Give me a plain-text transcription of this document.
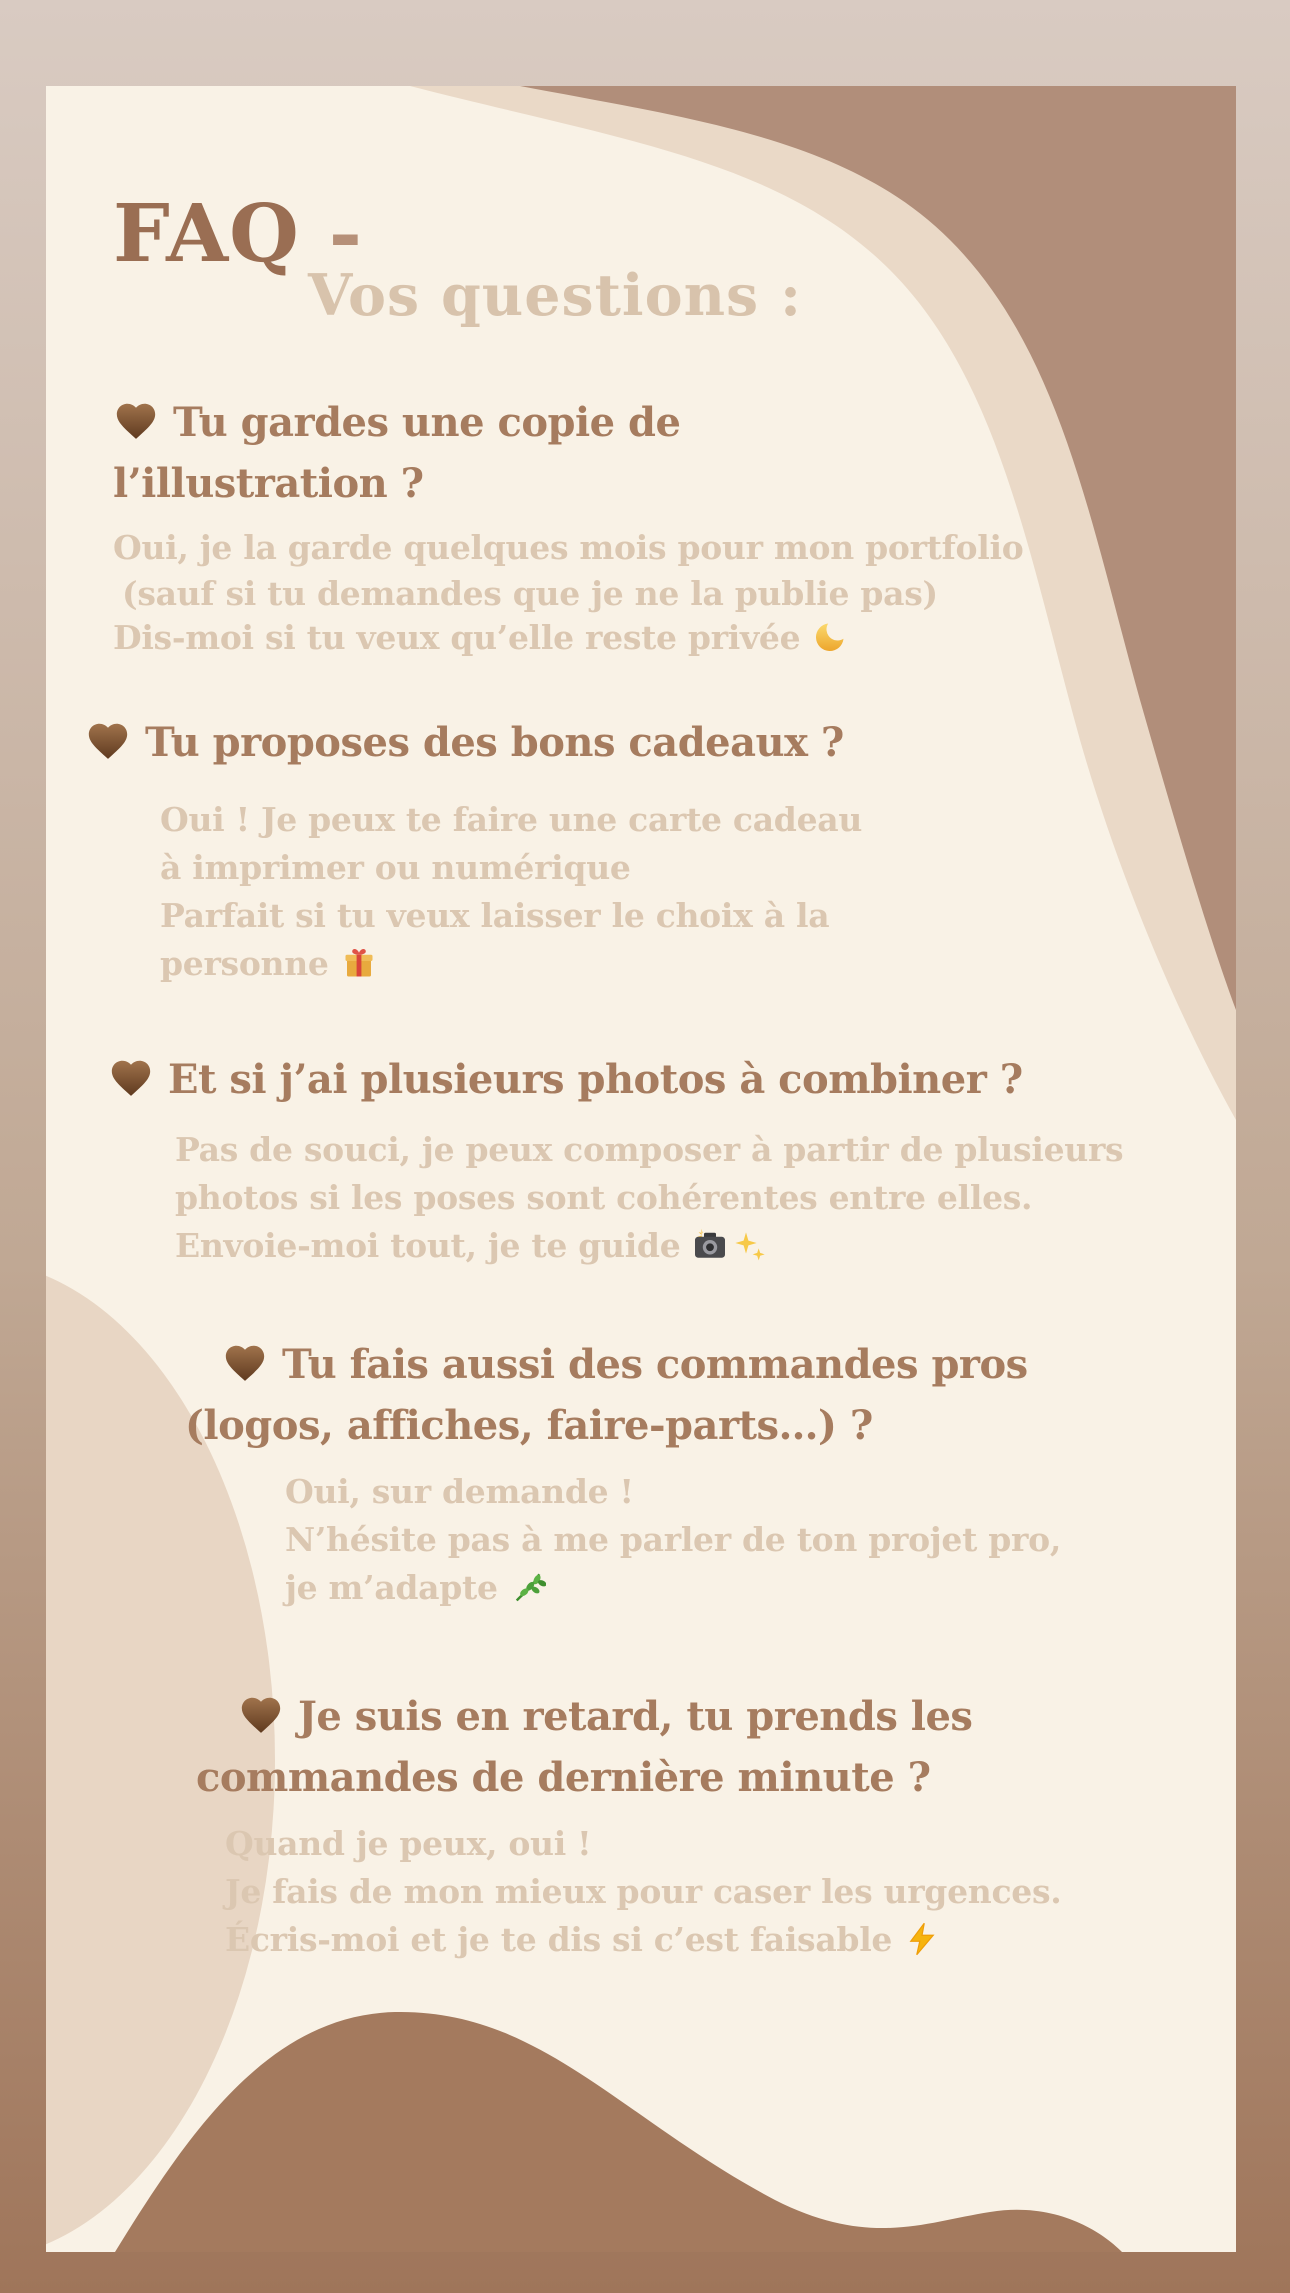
FAQ -
Vos questions :
Tu gardes une copie de
l’illustration ?
Oui, je la garde quelques mois pour mon portfolio
(sauf si tu demandes que je ne la publie pas)
Dis-moi si tu veux qu’elle reste privée
Tu proposes des bons cadeaux ?
Oui ! Je peux te faire une carte cadeau
à imprimer ou numérique
Parfait si tu veux laisser le choix à la
personne
Et si j’ai plusieurs photos à combiner ?
Pas de souci, je peux composer à partir de plusieurs
photos si les poses sont cohérentes entre elles.
Envoie-moi tout, je te guide
Tu fais aussi des commandes pros
(logos, affiches, faire-parts…) ?
Oui, sur demande !
N’hésite pas à me parler de ton projet pro,
je m’adapte
Je suis en retard, tu prends les
commandes de dernière minute ?
Quand je peux, oui !
Je fais de mon mieux pour caser les urgences.
Écris-moi et je te dis si c’est faisable
